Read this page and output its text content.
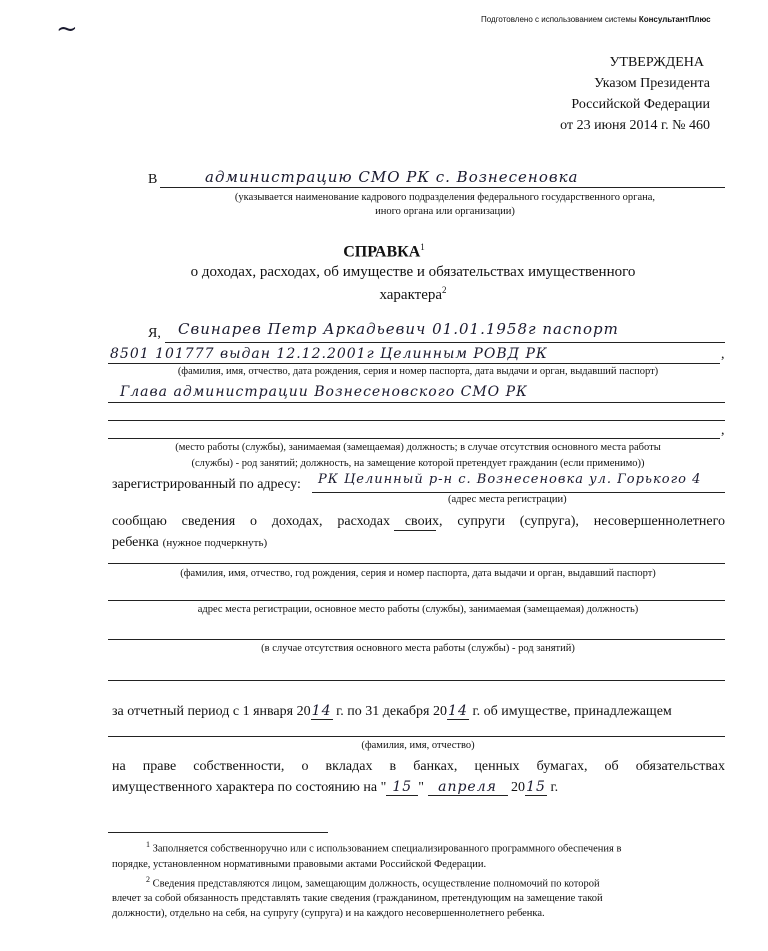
~	Подготовлено с использованием системы КонсультантПлюс
УТВЕРЖДЕНА
Указом Президента
Российской Федерации
от 23 июня 2014 г. № 460
В	администрацию СМО РК с. Вознесеновка
(указывается наименование кадрового подразделения федерального государственного органа,
иного органа или организации)
СПРАВКА$^1$
о доходах, расходах, об имуществе и обязательствах имущественного
характера$^2$
Я, Свинарев Петр Аркадьевич 01.01.1958г паспорт
8501 101777 выдан 12.12.2001г Целинным РОВД РК	,
(фамилия, имя, отчество, дата рождения, серия и номер паспорта, дата выдачи и орган, выдавший паспорт)
Глава администрации Вознесеновского СМО РК
,
(место работы (службы), занимаемая (замещаемая) должность; в случае отсутствия основного места работы
(службы) - род занятий; должность, на замещение которой претендует гражданин (если применимо))
зарегистрированный по адресу: РК Целинный р-н с. Вознесеновка ул. Горького 4
(адрес места регистрации)
сообщаю сведения о доходах, расходах своих, супруги (супруга), несовершеннолетнего
ребенка (нужное подчеркнуть)
(фамилия, имя, отчество, год рождения, серия и номер паспорта, дата выдачи и орган, выдавший паспорт)
адрес места регистрации, основное место работы (службы), занимаемая (замещаемая) должность)
(в случае отсутствия основного места работы (службы) - род занятий)
за отчетный период с 1 января 2014 г. по 31 декабря 2014 г. об имуществе, принадлежащем
(фамилия, имя, отчество)
на праве собственности, о вкладах в банках, ценных бумагах, об обязательствах
имущественного характера по состоянию на " 15 " апреля 2015 г.
$^1$ Заполняется собственноручно или с использованием специализированного программного обеспечения в
порядке, установленном нормативными правовыми актами Российской Федерации.
$^2$ Сведения представляются лицом, замещающим должность, осуществление полномочий по которой
влечет за собой обязанность представлять такие сведения (гражданином, претендующим на замещение такой
должности), отдельно на себя, на супругу (супруга) и на каждого несовершеннолетнего ребенка.
